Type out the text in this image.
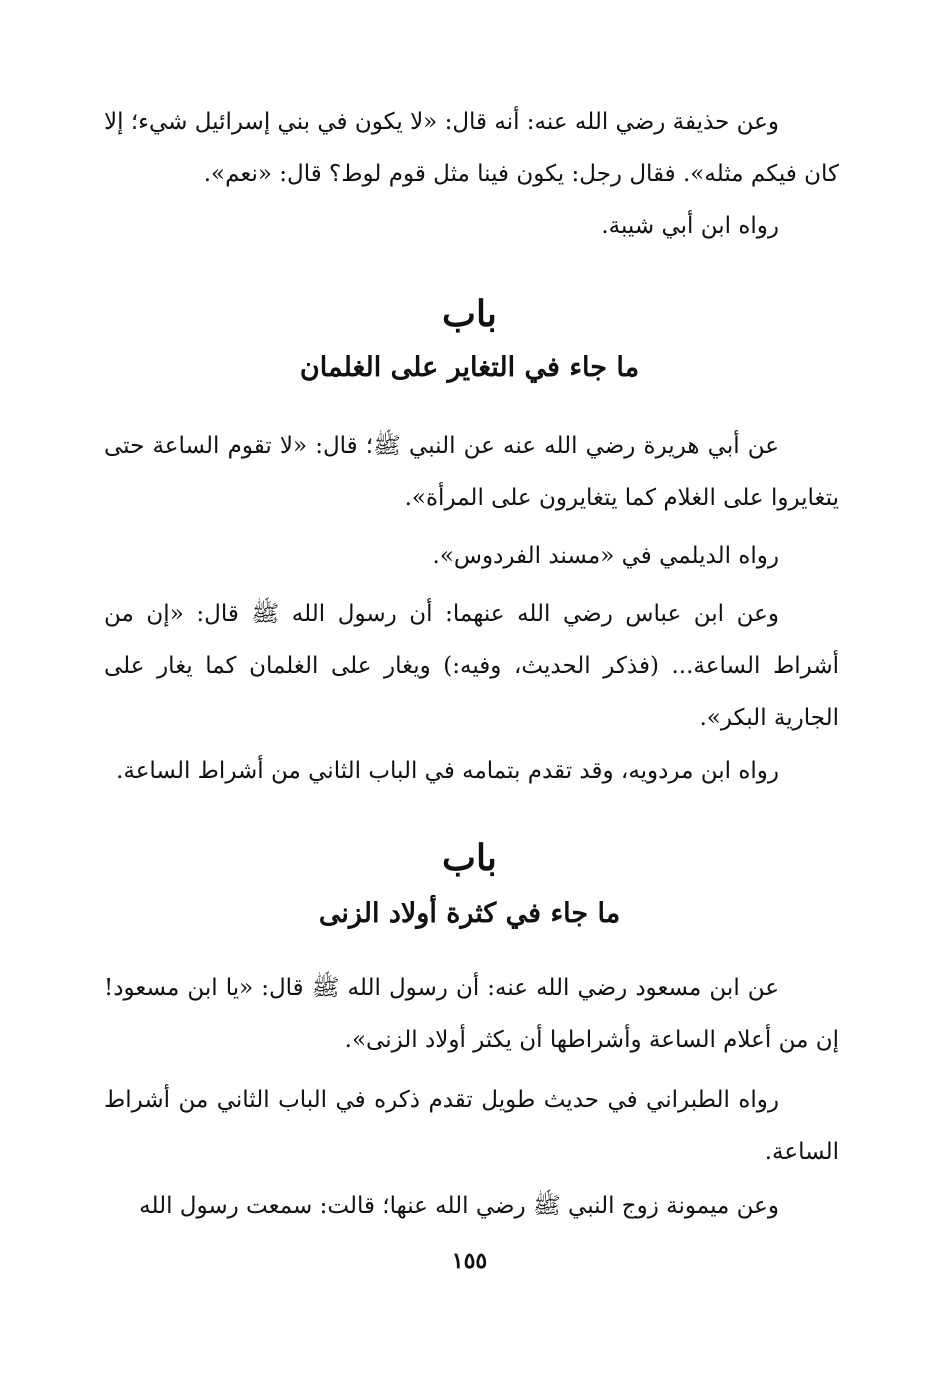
وعن حذيفة رضي الله عنه: أنه قال: «لا يكون في بني إسرائيل شيء؛ إلا كان فيكم مثله». فقال رجل: يكون فينا مثل قوم لوط؟ قال: «نعم».
رواه ابن أبي شيبة.
باب
ما جاء في التغاير على الغلمان
عن أبي هريرة رضي الله عنه عن النبي ﷺ؛ قال: «لا تقوم الساعة حتى يتغايروا على الغلام كما يتغايرون على المرأة».
رواه الديلمي في «مسند الفردوس».
وعن ابن عباس رضي الله عنهما: أن رسول الله ﷺ قال: «إن من أشراط الساعة... (فذكر الحديث، وفيه:) ويغار على الغلمان كما يغار على الجارية البكر».
رواه ابن مردويه، وقد تقدم بتمامه في الباب الثاني من أشراط الساعة.
باب
ما جاء في كثرة أولاد الزنى
عن ابن مسعود رضي الله عنه: أن رسول الله ﷺ قال: «يا ابن مسعود! إن من أعلام الساعة وأشراطها أن يكثر أولاد الزنى».
رواه الطبراني في حديث طويل تقدم ذكره في الباب الثاني من أشراط الساعة.
وعن ميمونة زوج النبي ﷺ رضي الله عنها؛ قالت: سمعت رسول الله
١٥٥
